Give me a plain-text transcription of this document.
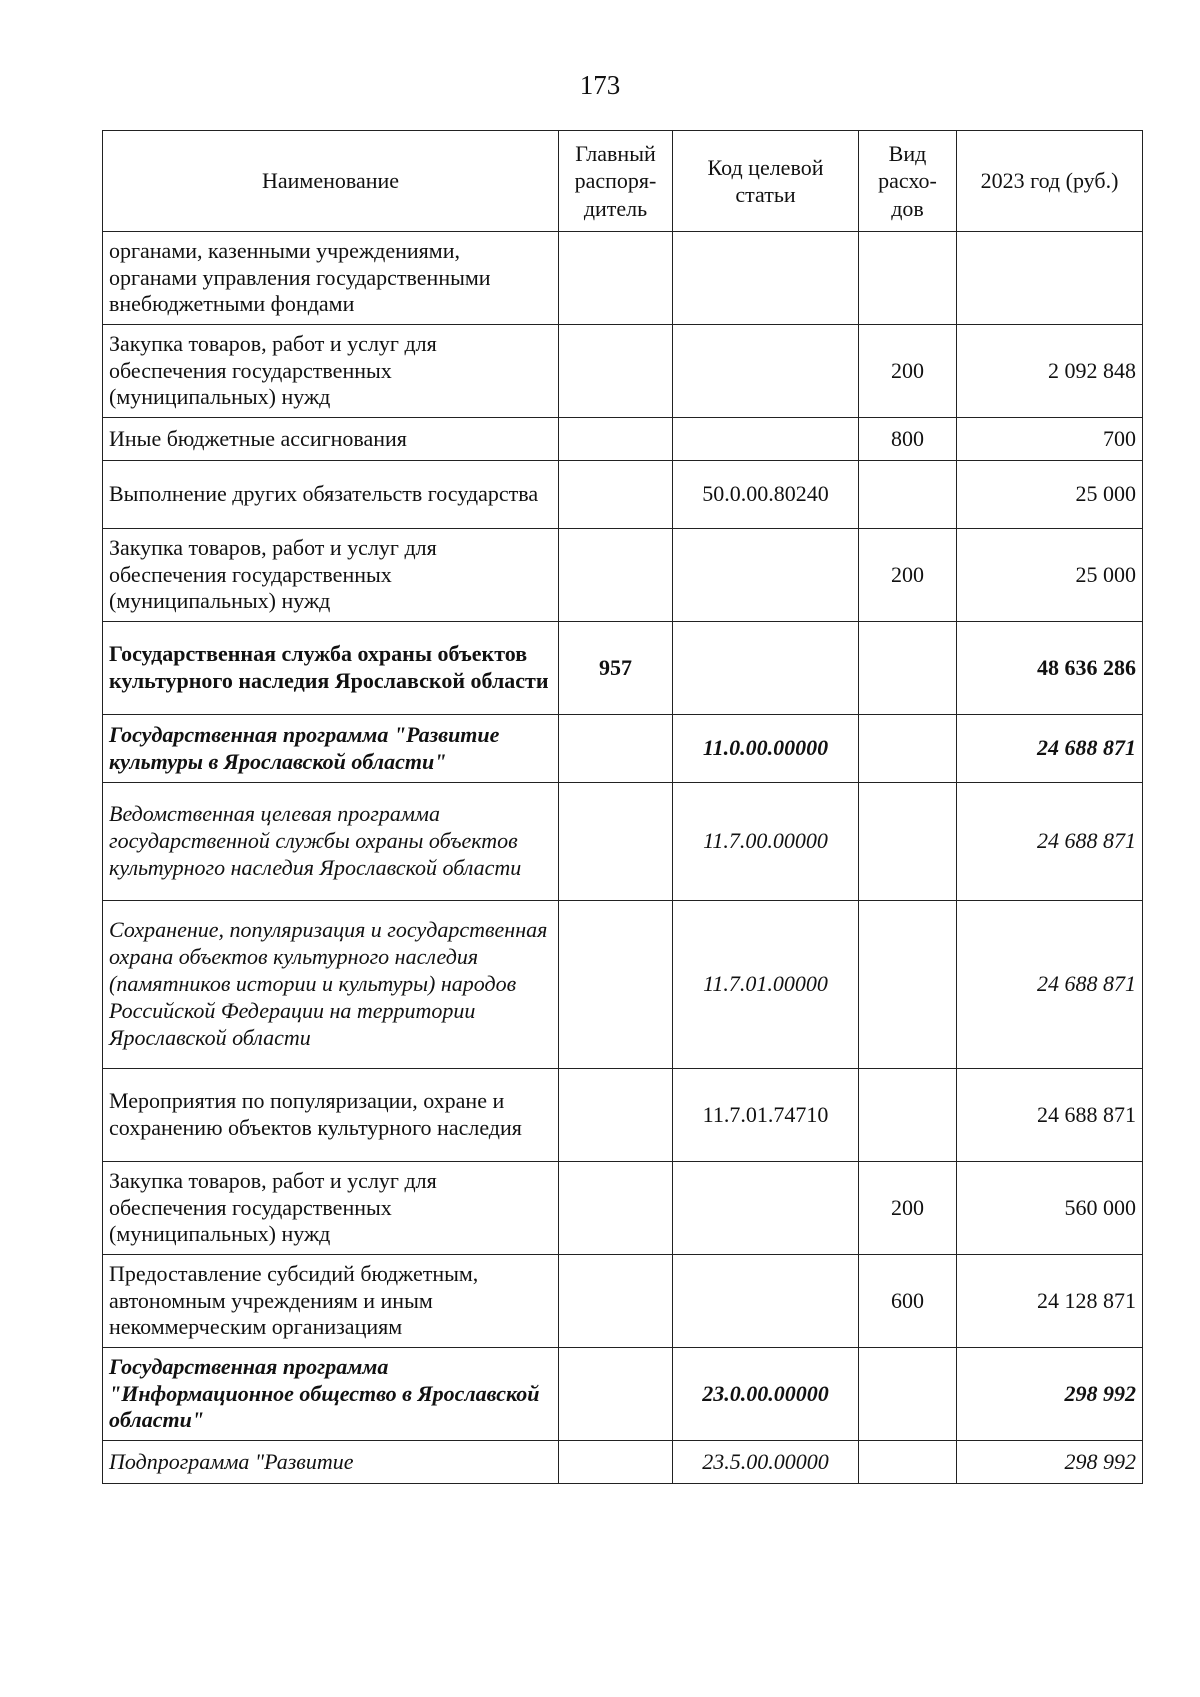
173
Наименование	Главный распоря-дитель	Код целевой статьи	Вид расхо-дов	2023 год (руб.)
органами, казенными учреждениями, органами управления государственными внебюджетными фондами				
Закупка товаров, работ и услуг для обеспечения государственных (муниципальных) нужд			200	2 092 848
Иные бюджетные ассигнования			800	700
Выполнение других обязательств государства		50.0.00.80240		25 000
Закупка товаров, работ и услуг для обеспечения государственных (муниципальных) нужд			200	25 000
Государственная служба охраны объектов культурного наследия Ярославской области	957			48 636 286
Государственная программа "Развитие культуры в Ярославской области"		11.0.00.00000		24 688 871
Ведомственная целевая программа государственной службы охраны объектов культурного наследия Ярославской области		11.7.00.00000		24 688 871
Сохранение, популяризация и государственная охрана объектов культурного наследия (памятников истории и культуры) народов Российской Федерации на территории Ярославской области		11.7.01.00000		24 688 871
Мероприятия по популяризации, охране и сохранению объектов культурного наследия		11.7.01.74710		24 688 871
Закупка товаров, работ и услуг для обеспечения государственных (муниципальных) нужд			200	560 000
Предоставление субсидий бюджетным, автономным учреждениям и иным некоммерческим организациям			600	24 128 871
Государственная программа "Информационное общество в Ярославской области"		23.0.00.00000		298 992
Подпрограмма "Развитие		23.5.00.00000		298 992
